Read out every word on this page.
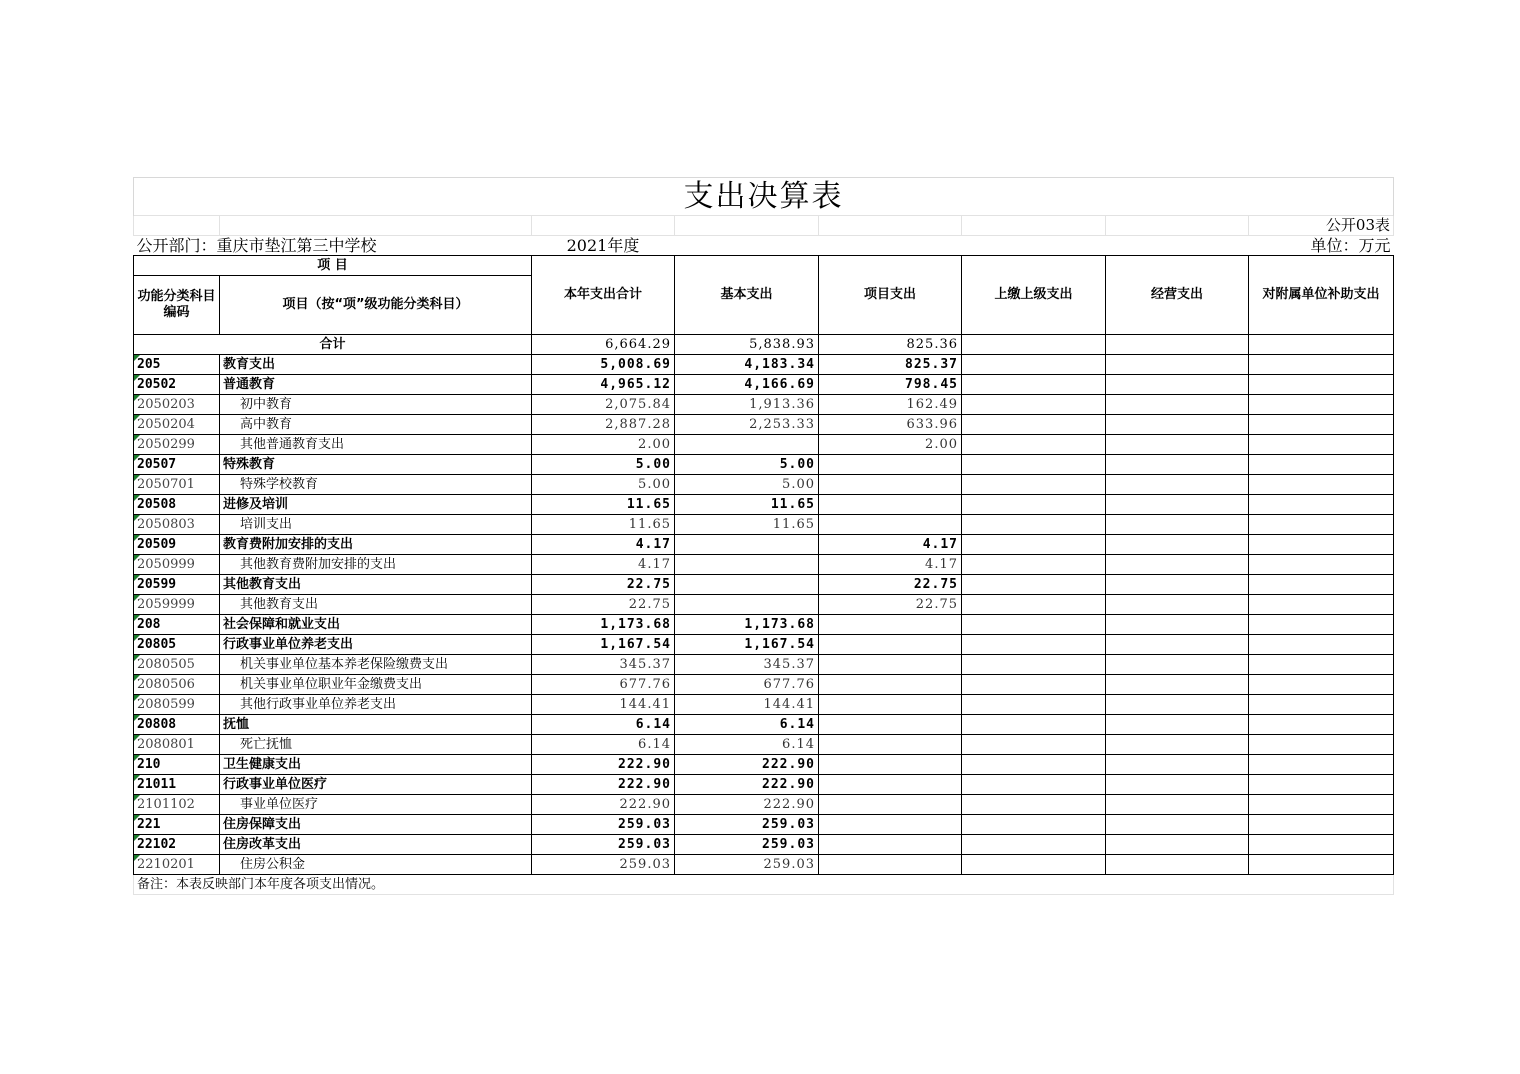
支出决算表							
							公开03表
公开部门：重庆市垫江第三中学校		2021年度					单位：万元
项 目		本年支出合计	基本支出	项目支出	上缴上级支出	经营支出	对附属单位补助支出
功能分类科目编码	项目（按“项”级功能分类科目）						
合计		6,664.29	5,838.93	825.36			
205	教育支出	5,008.69	4,183.34	825.37			
20502	普通教育	4,965.12	4,166.69	798.45			
2050203	初中教育	2,075.84	1,913.36	162.49			
2050204	高中教育	2,887.28	2,253.33	633.96			
2050299	其他普通教育支出	2.00		2.00			
20507	特殊教育	5.00	5.00				
2050701	特殊学校教育	5.00	5.00				
20508	进修及培训	11.65	11.65				
2050803	培训支出	11.65	11.65				
20509	教育费附加安排的支出	4.17		4.17			
2050999	其他教育费附加安排的支出	4.17		4.17			
20599	其他教育支出	22.75		22.75			
2059999	其他教育支出	22.75		22.75			
208	社会保障和就业支出	1,173.68	1,173.68				
20805	行政事业单位养老支出	1,167.54	1,167.54				
2080505	机关事业单位基本养老保险缴费支出	345.37	345.37				
2080506	机关事业单位职业年金缴费支出	677.76	677.76				
2080599	其他行政事业单位养老支出	144.41	144.41				
20808	抚恤	6.14	6.14				
2080801	死亡抚恤	6.14	6.14				
210	卫生健康支出	222.90	222.90				
21011	行政事业单位医疗	222.90	222.90				
2101102	事业单位医疗	222.90	222.90				
221	住房保障支出	259.03	259.03				
22102	住房改革支出	259.03	259.03				
2210201	住房公积金	259.03	259.03				
备注：本表反映部门本年度各项支出情况。							
